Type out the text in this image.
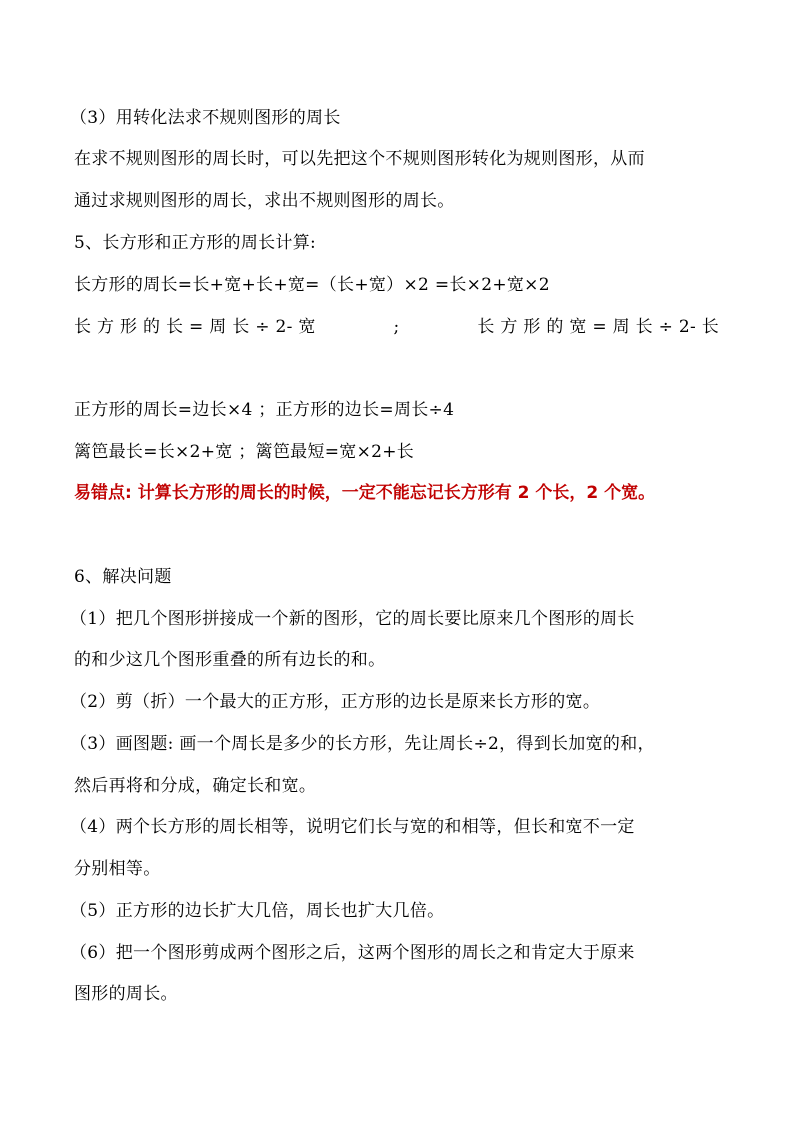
（3）用转化法求不规则图形的周长
在求不规则图形的周长时，可以先把这个不规则图形转化为规则图形，从而
通过求规则图形的周长，求出不规则图形的周长。
5、长方形和正方形的周长计算:
长方形的周长=长+宽+长+宽=（长+宽）×2 =长×2+宽×2
长 方 形 的 长 = 周 长 ÷ 2- 宽	;	长 方 形 的 宽 = 周 长 ÷ 2- 长
正方形的周长=边长×4 ；正方形的边长=周长÷4
篱笆最长=长×2+宽 ；篱笆最短=宽×2+长
易错点: 计算长方形的周长的时候，一定不能忘记长方形有 2 个长，2 个宽。
6、解决问题
（1）把几个图形拼接成一个新的图形，它的周长要比原来几个图形的周长
的和少这几个图形重叠的所有边长的和。
（2）剪（折）一个最大的正方形，正方形的边长是原来长方形的宽。
（3）画图题: 画一个周长是多少的长方形，先让周长÷2，得到长加宽的和，
然后再将和分成，确定长和宽。
（4）两个长方形的周长相等，说明它们长与宽的和相等，但长和宽不一定
分别相等。
（5）正方形的边长扩大几倍，周长也扩大几倍。
（6）把一个图形剪成两个图形之后，这两个图形的周长之和肯定大于原来
图形的周长。
